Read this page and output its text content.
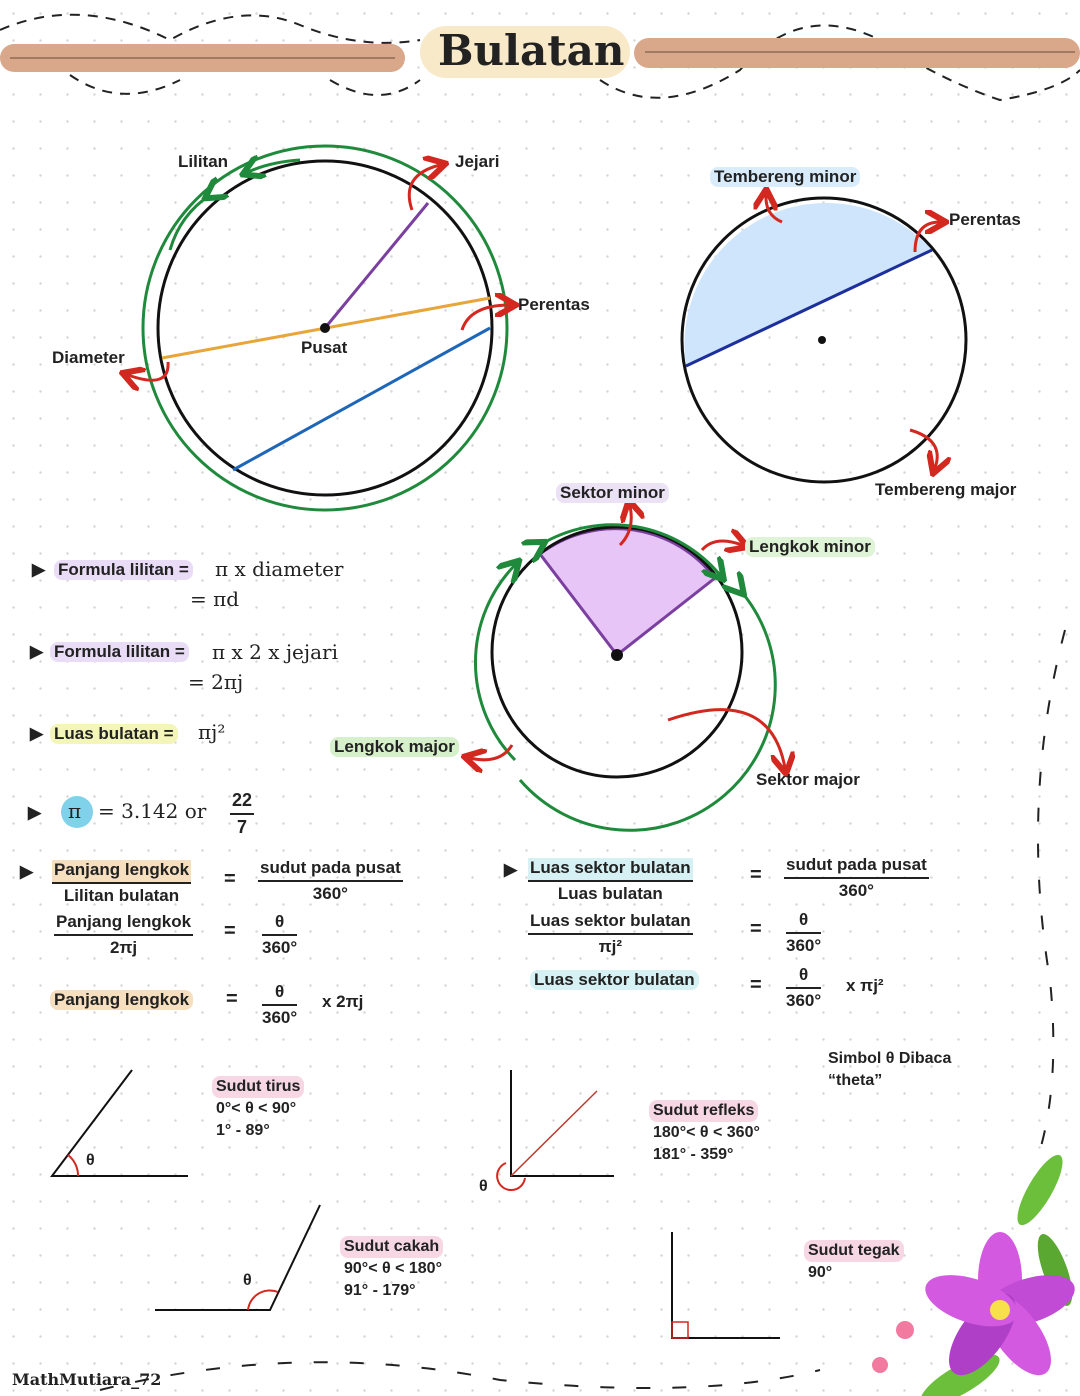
Bulatan
Lilitan	Jejari
Perentas
Diameter
Pusat
Tembereng minor
Perentas
Tembereng major
Sektor minor
Lengkok minor
Lengkok major
Sektor major
▶ Formula lilitan = π x diameter
= πd
▶ Formula lilitan = π x 2 x jejari
= 2πj
▶ Luas bulatan = πj²
▶ π = 3.142 or $\frac{22}{7}$
▶ Panjang lengkok
Lilitan bulatan
=
sudut pada pusat
360°
Panjang lengkok
2πj
= $\frac{\theta}{360^\circ}$
Panjang lengkok = $\frac{\theta}{360^\circ}$ x 2πj
▶ Luas sektor bulatan
Luas bulatan
= sudut pada pusat
360°
Luas sektor bulatan
πj²
= $\frac{\theta}{360^\circ}$
Luas sektor bulatan	= $\frac{\theta}{360^\circ}$ x πj²
Simbol θ Dibaca
“theta”
θ
Sudut tirus
0°< θ < 90°
1° - 89°
θ
Sudut refleks
180°< θ < 360°
181° - 359°
θ
Sudut cakah
90°< θ < 180°
91° - 179°
Sudut tegak
90°
MathMutiara_72
